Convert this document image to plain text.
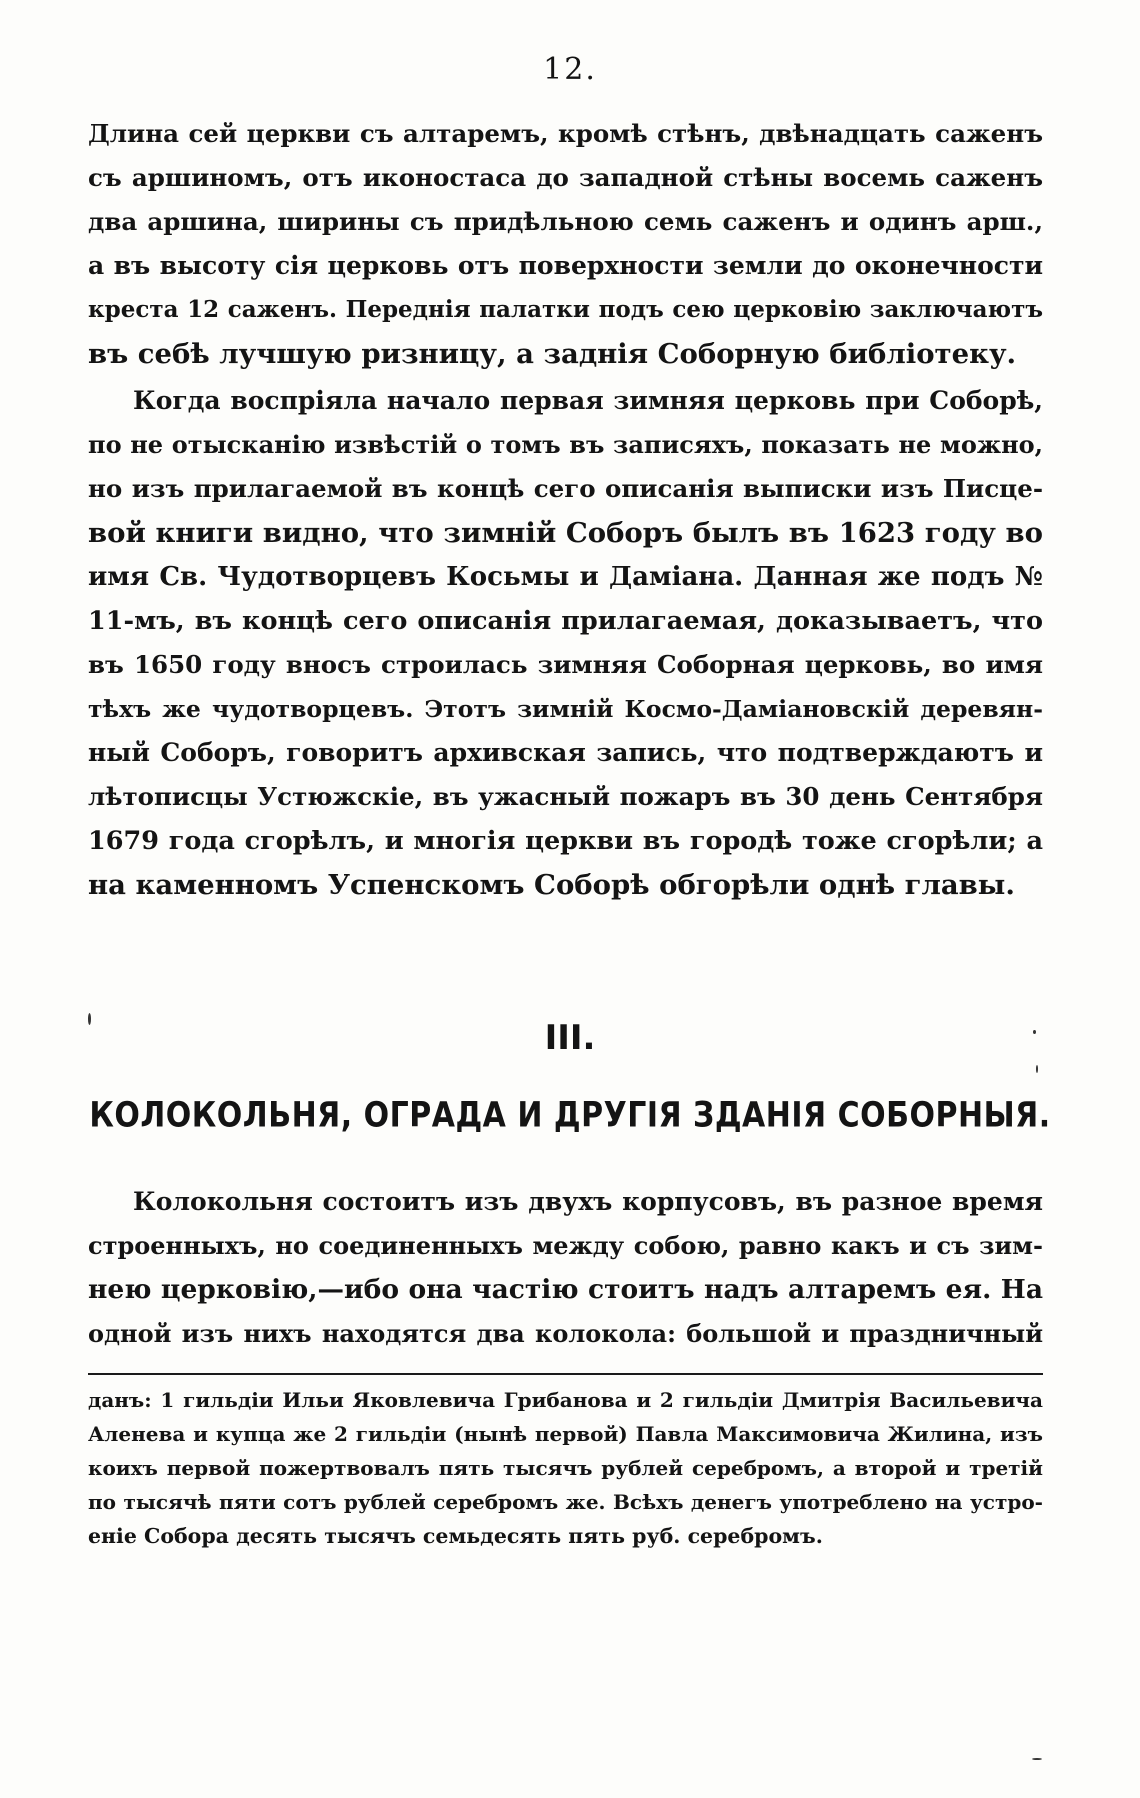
12.
Длина сей церкви съ алтаремъ, кромѣ стѣнъ, двѣнадцать саженъ
съ аршиномъ, отъ иконостаса до западной стѣны восемь саженъ
два аршина, ширины съ придѣльною семь саженъ и одинъ арш.,
а въ высоту сія церковь отъ поверхности земли до оконечности
креста 12 саженъ. Переднія палатки подъ сею церковію заключаютъ
въ себѣ лучшую ризницу, а заднія Соборную библіотеку.
Когда воспріяла начало первая зимняя церковь при Соборѣ,
по не отысканію извѣстій о томъ въ записяхъ, показать не можно,
но изъ прилагаемой въ концѣ сего описанія выписки изъ Писце-
вой книги видно, что зимній Соборъ былъ въ 1623 году во
имя Св. Чудотворцевъ Косьмы и Даміана. Данная же подъ №
11-мъ, въ концѣ сего описанія прилагаемая, доказываетъ, что
въ 1650 году вносъ строилась зимняя Соборная церковь, во имя
тѣхъ же чудотворцевъ. Этотъ зимній Космо-Даміановскій деревян-
ный Соборъ, говоритъ архивская запись, что подтверждаютъ и
лѣтописцы Устюжскіе, въ ужасный пожаръ въ 30 день Сентября
1679 года сгорѣлъ, и многія церкви въ городѣ тоже сгорѣли; а
на каменномъ Успенскомъ Соборѣ обгорѣли однѣ главы.
III.
КОЛОКОЛЬНЯ, ОГРАДА И ДРУГІЯ ЗДАНІЯ СОБОРНЫЯ.
Колокольня состоитъ изъ двухъ корпусовъ, въ разное время
строенныхъ, но соединенныхъ между собою, равно какъ и съ зим-
нею церковію,—ибо она частію стоитъ надъ алтаремъ ея. На
одной изъ нихъ находятся два колокола: большой и праздничный
данъ: 1 гильдіи Ильи Яковлевича Грибанова и 2 гильдіи Дмитрія Васильевича
Аленева и купца же 2 гильдіи (нынѣ первой) Павла Максимовича Жилина, изъ
коихъ первой пожертвовалъ пять тысячъ рублей серебромъ, а второй и третій
по тысячѣ пяти сотъ рублей серебромъ же. Всѣхъ денегъ употреблено на устро-
еніе Собора десять тысячъ семьдесять пять руб. серебромъ.
